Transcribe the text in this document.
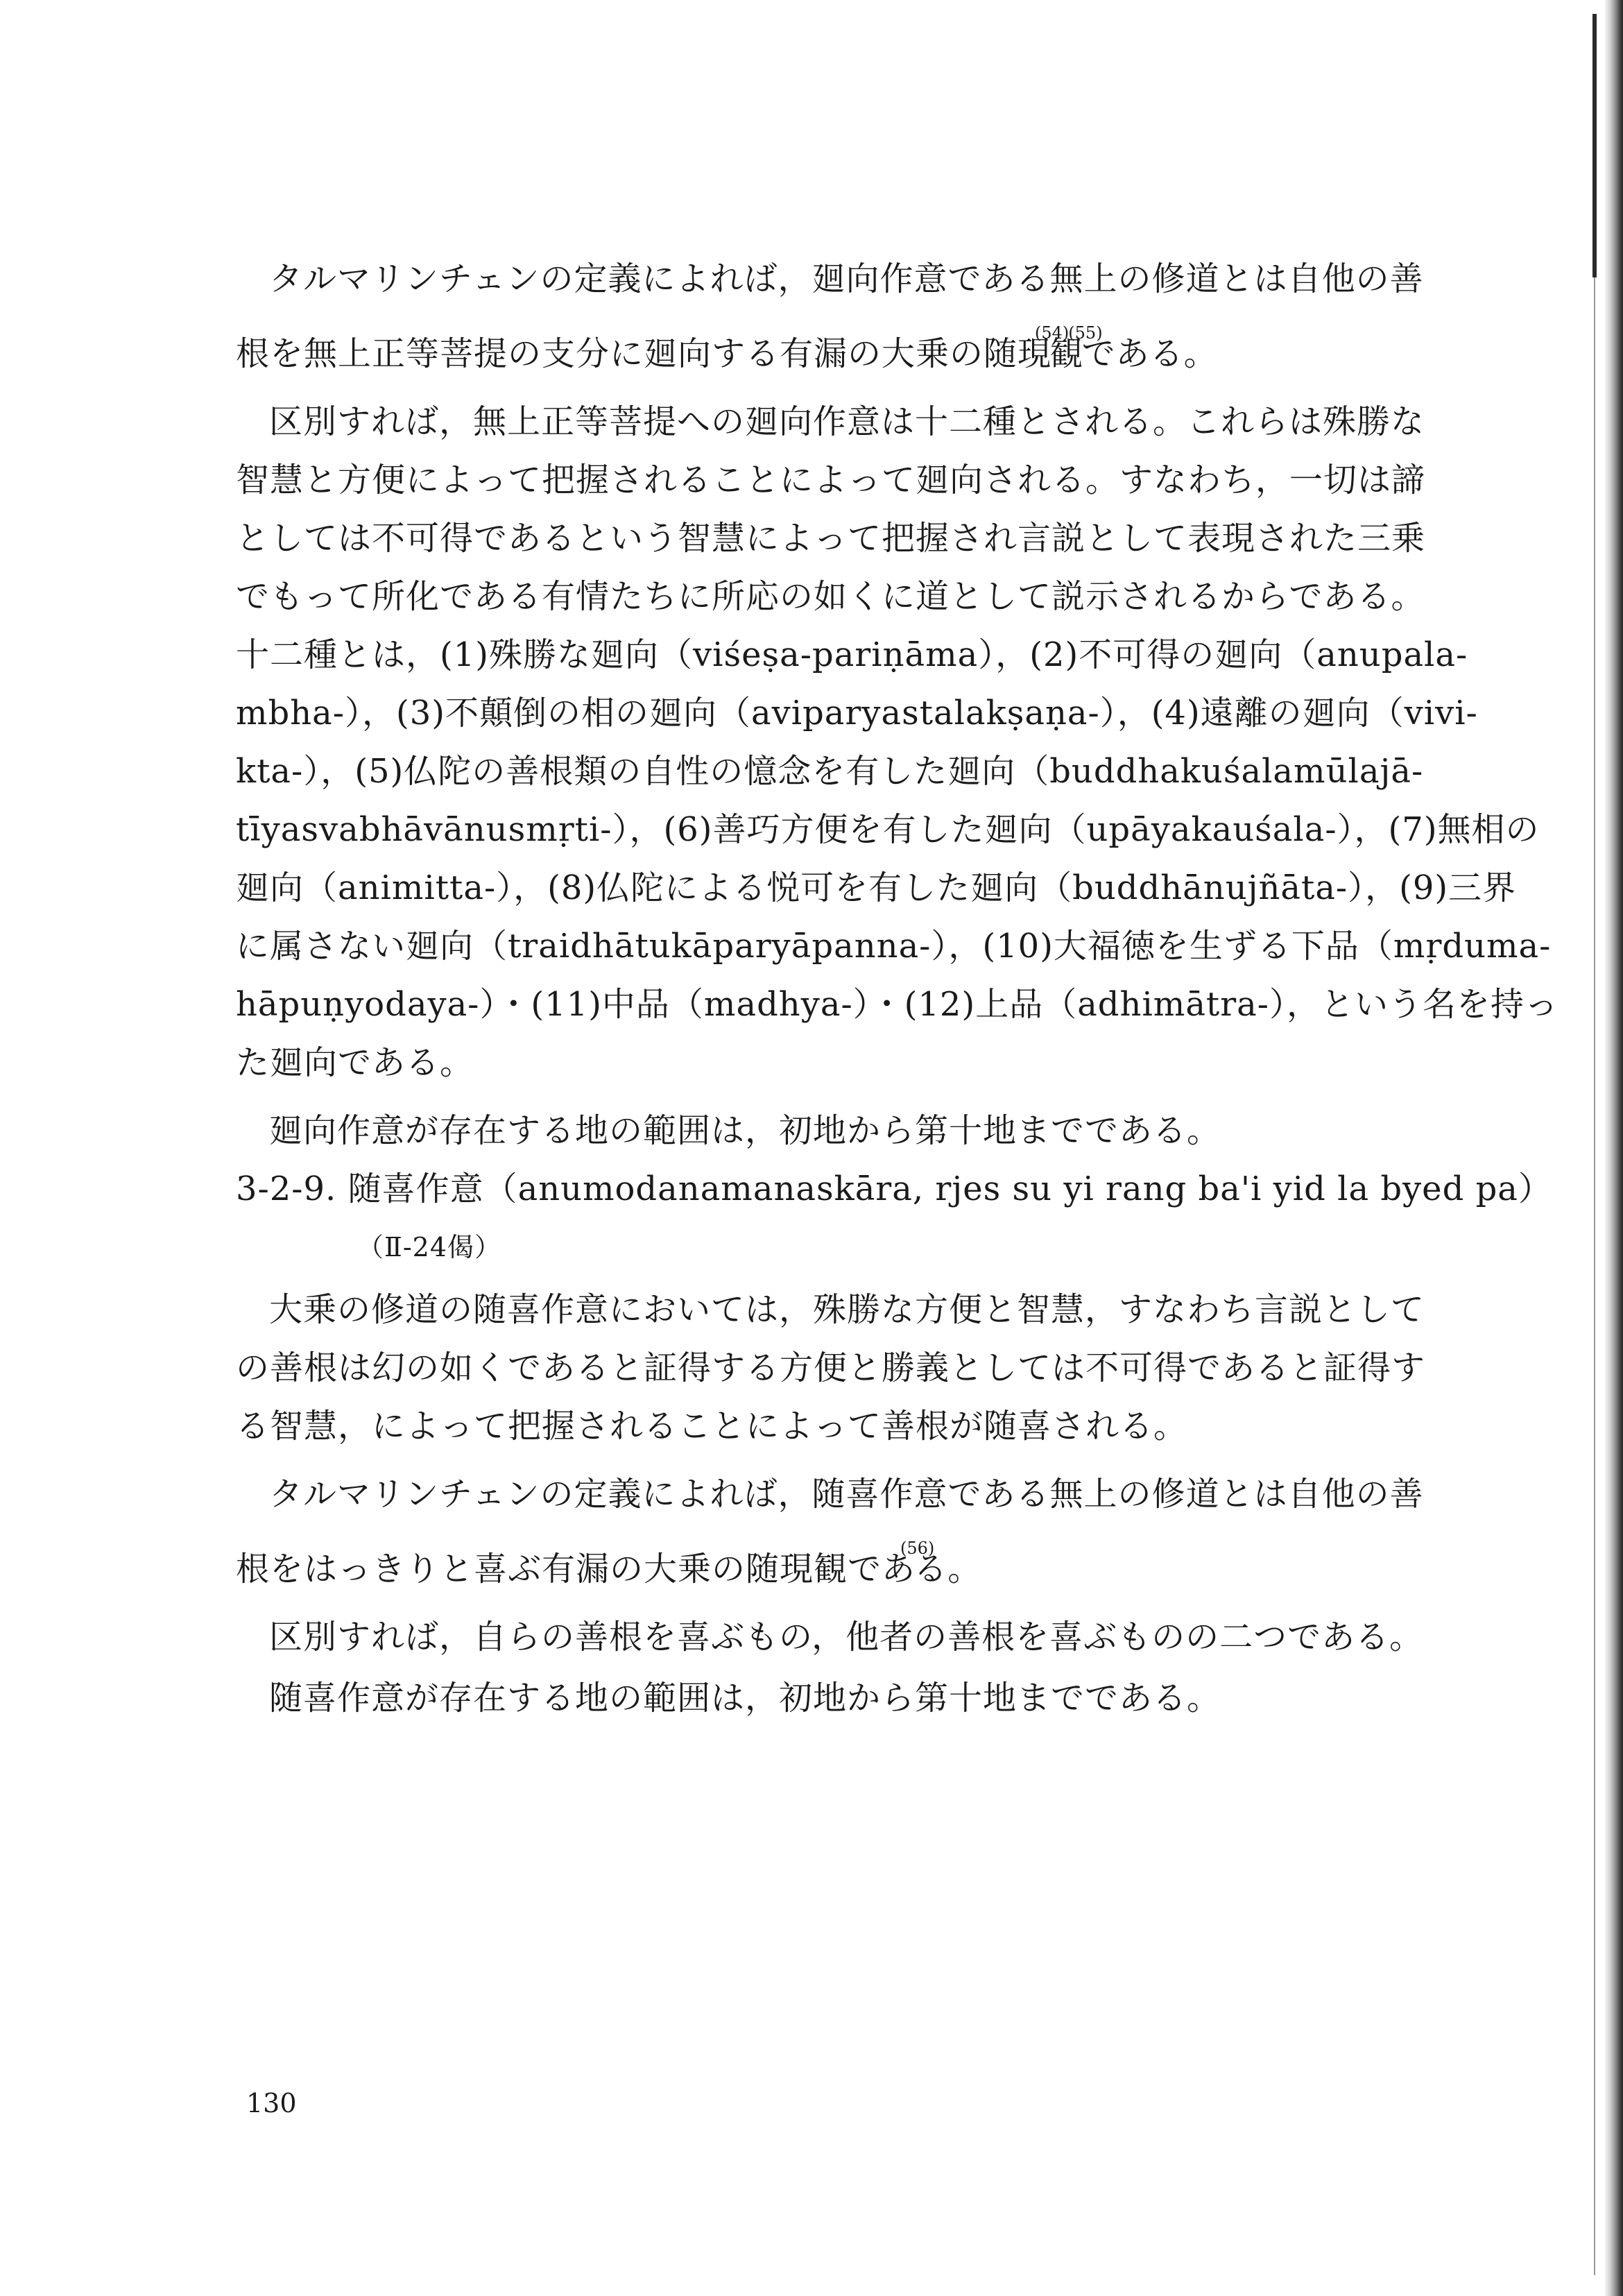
タルマリンチェンの定義によれば，廻向作意である無上の修道とは自他の善

根を無上正等菩提の支分に廻向する有漏の大乗の随現$^{(54)}$観$^{(55)}$である。

区別すれば，無上正等菩提への廻向作意は十二種とされる。これらは殊勝な

智慧と方便によって把握されることによって廻向される。すなわち，一切は諦

としては不可得であるという智慧によって把握され言説として表現された三乗

でもって所化である有情たちに所応の如くに道として説示されるからである。

十二種とは，(1)殊勝な廻向（viśeṣa-pariṇāma），(2)不可得の廻向（anupala-

mbha-），(3)不顛倒の相の廻向（aviparyastalakṣaṇa-），(4)遠離の廻向（vivi-

kta-），(5)仏陀の善根類の自性の憶念を有した廻向（buddhakuśalamūlajā-

tīyasvabhāvānusmṛti-），(6)善巧方便を有した廻向（upāyakauśala-），(7)無相の

廻向（animitta-），(8)仏陀による悦可を有した廻向（buddhānujñāta-），(9)三界

に属さない廻向（traidhātukāparyāpanna-），(10)大福徳を生ずる下品（mṛduma-

hāpuṇyodaya-）・(11)中品（madhya-）・(12)上品（adhimātra-），という名を持っ

た廻向である。

廻向作意が存在する地の範囲は，初地から第十地までである。

3-2-9. 随喜作意（anumodanamanaskāra, rjes su yi rang ba'i yid la byed pa）

（Ⅱ-24偈）

大乗の修道の随喜作意においては，殊勝な方便と智慧，すなわち言説として

の善根は幻の如くであると証得する方便と勝義としては不可得であると証得す

る智慧，によって把握されることによって善根が随喜される。

タルマリンチェンの定義によれば，随喜作意である無上の修道とは自他の善

根をはっきりと喜ぶ有漏の大乗の随現観であ$^{(56)}$る。

区別すれば，自らの善根を喜ぶもの，他者の善根を喜ぶものの二つである。

随喜作意が存在する地の範囲は，初地から第十地までである。

130
